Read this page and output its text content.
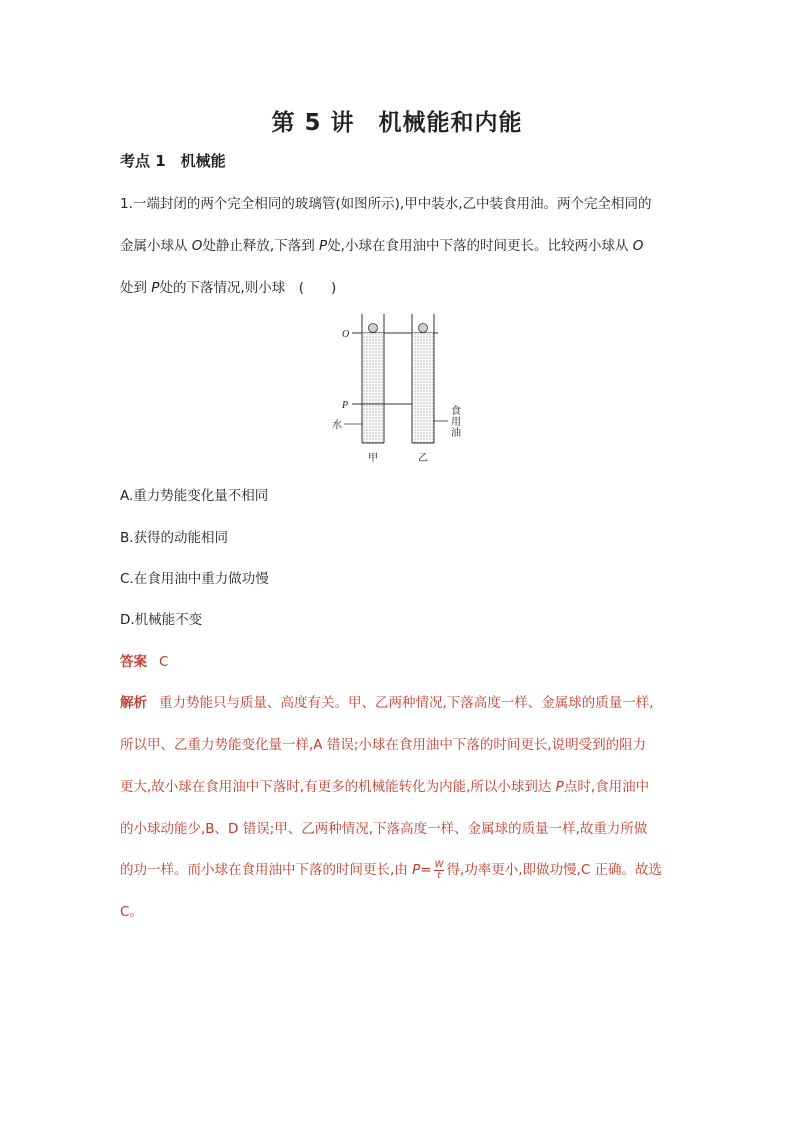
第 5 讲　机械能和内能
考点 1　机械能
1.一端封闭的两个完全相同的玻璃管(如图所示),甲中装水,乙中装食用油。两个完全相同的
金属小球从 O处静止释放,下落到 P处,小球在食用油中下落的时间更长。比较两小球从 O
处到 P处的下落情况,则小球　(　　)
O
P
水
食
用
油
甲	乙
A.重力势能变化量不相同
B.获得的动能相同
C.在食用油中重力做功慢
D.机械能不变
答案 C
解析 重力势能只与质量、高度有关。甲、乙两种情况,下落高度一样、金属球的质量一样,
所以甲、乙重力势能变化量一样,A 错误;小球在食用油中下落的时间更长,说明受到的阻力
更大,故小球在食用油中下落时,有更多的机械能转化为内能,所以小球到达 P点时,食用油中
的小球动能少,B、D 错误;甲、乙两种情况,下落高度一样、金属球的质量一样,故重力所做
的功一样。而小球在食用油中下落的时间更长,由 $P= \frac{W}{t}$ 得,功率更小,即做功慢,C 正确。故选
C。
